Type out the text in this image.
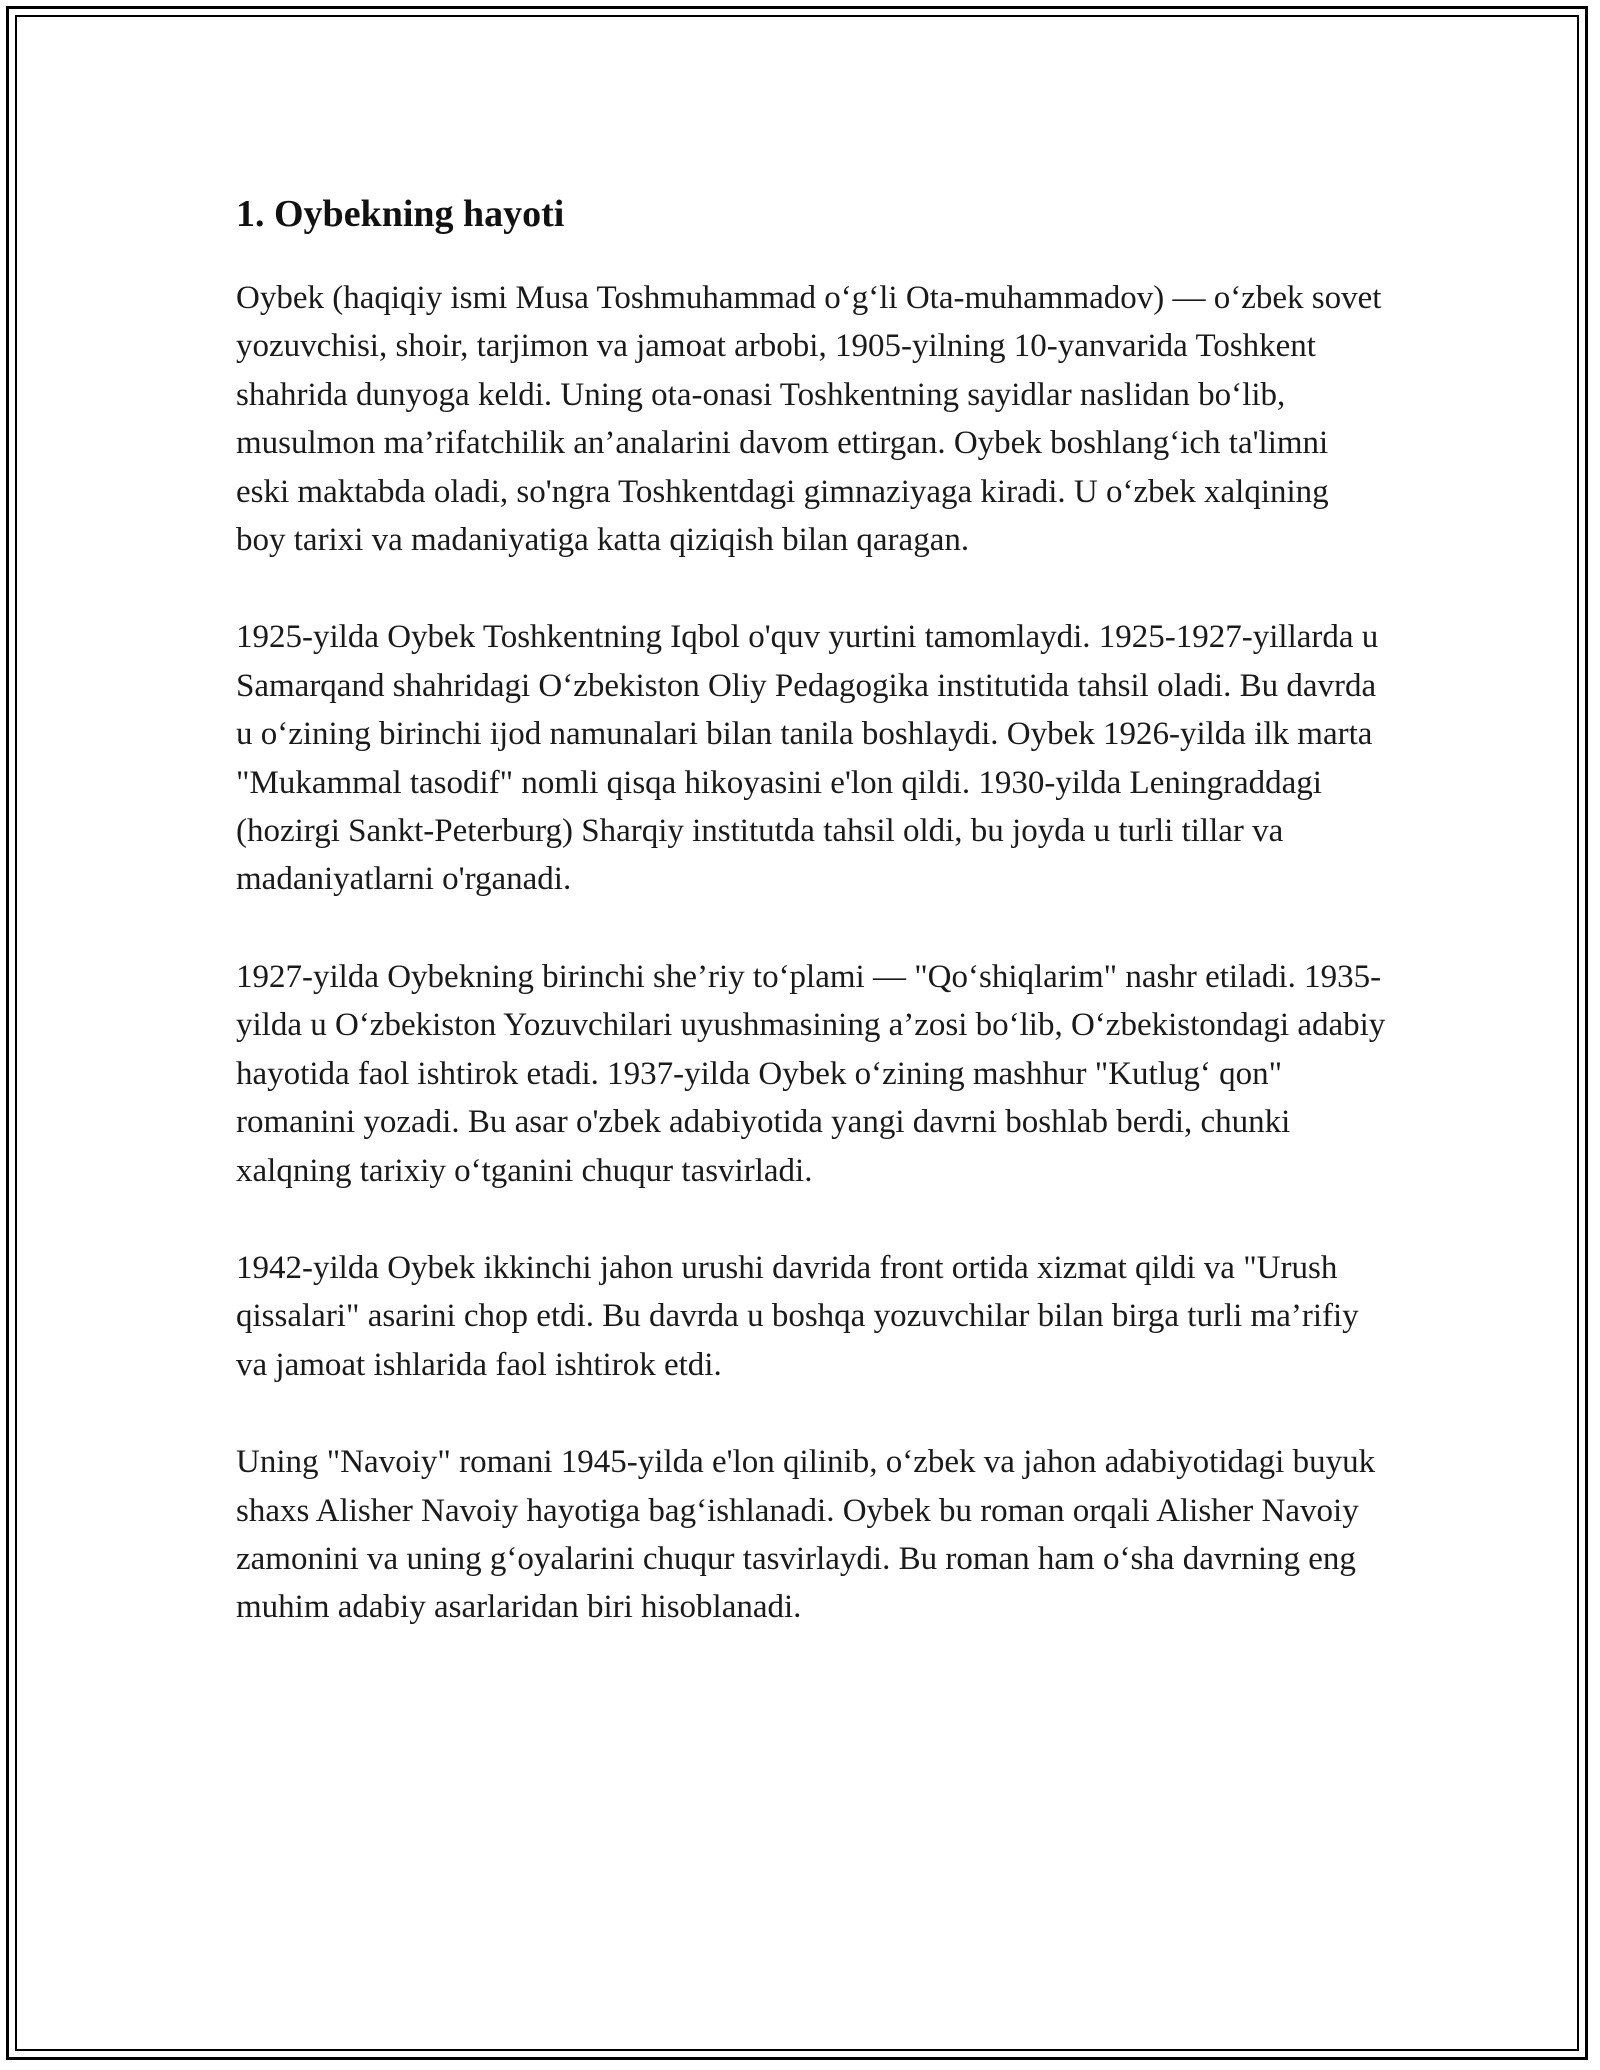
1. Oybekning hayoti

Oybek (haqiqiy ismi Musa Toshmuhammad o‘g‘li Ota-muhammadov) — o‘zbek sovet yozuvchisi, shoir, tarjimon va jamoat arbobi, 1905-yilning 10-yanvarida Toshkent shahrida dunyoga keldi. Uning ota-onasi Toshkentning sayidlar naslidan bo‘lib, musulmon ma’rifatchilik an’analarini davom ettirgan. Oybek boshlang‘ich ta'limni eski maktabda oladi, so'ngra Toshkentdagi gimnaziyaga kiradi. U o‘zbek xalqining boy tarixi va madaniyatiga katta qiziqish bilan qaragan.

1925-yilda Oybek Toshkentning Iqbol o'quv yurtini tamomlaydi. 1925-1927-yillarda u Samarqand shahridagi O‘zbekiston Oliy Pedagogika institutida tahsil oladi. Bu davrda u o‘zining birinchi ijod namunalari bilan tanila boshlaydi. Oybek 1926-yilda ilk marta "Mukammal tasodif" nomli qisqa hikoyasini e'lon qildi. 1930-yilda Leningraddagi (hozirgi Sankt-Peterburg) Sharqiy institutda tahsil oldi, bu joyda u turli tillar va madaniyatlarni o'rganadi.

1927-yilda Oybekning birinchi she’riy to‘plami — "Qo‘shiqlarim" nashr etiladi. 1935-yilda u O‘zbekiston Yozuvchilari uyushmasining a’zosi bo‘lib, O‘zbekistondagi adabiy hayotida faol ishtirok etadi. 1937-yilda Oybek o‘zining mashhur "Kutlug‘ qon" romanini yozadi. Bu asar o'zbek adabiyotida yangi davrni boshlab berdi, chunki xalqning tarixiy o‘tganini chuqur tasvirladi.

1942-yilda Oybek ikkinchi jahon urushi davrida front ortida xizmat qildi va "Urush qissalari" asarini chop etdi. Bu davrda u boshqa yozuvchilar bilan birga turli ma’rifiy va jamoat ishlarida faol ishtirok etdi.

Uning "Navoiy" romani 1945-yilda e'lon qilinib, o‘zbek va jahon adabiyotidagi buyuk shaxs Alisher Navoiy hayotiga bag‘ishlanadi. Oybek bu roman orqali Alisher Navoiy zamonini va uning g‘oyalarini chuqur tasvirlaydi. Bu roman ham o‘sha davrning eng muhim adabiy asarlaridan biri hisoblanadi.
